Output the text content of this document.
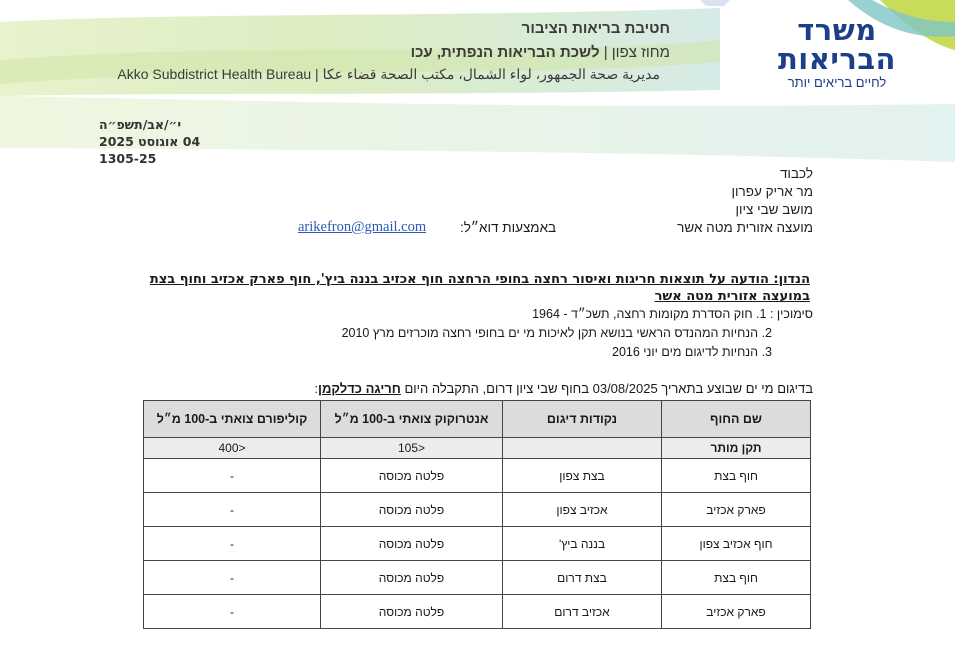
משרד
הבריאות
לחיים בריאים יותר
חטיבת בריאות הציבור
מחוז צפון | לשכת הבריאות הנפתית, עכו
مديرية صحة الجمهور، لواء الشمال، مكتب الصحة قضاء عكا | Akko Subdistrict Health Bureau
י״/אב/תשפ״ה
04 אוגוסט 2025
1305-25
לכבוד
מר אריק עפרון
מושב שבי ציון
מועצה אזורית מטה אשר
באמצעות דוא״ל:
arikefron@gmail.com
הנדון: הודעה על תוצאות חריגות ואיסור רחצה בחופי הרחצה חוף אכזיב בננה ביץ', חוף פארק אכזיב וחוף בצת במועצה אזורית מטה אשר
סימוכין : 1. חוק הסדרת מקומות רחצה, תשכ״ד - 1964
2. הנחיות המהנדס הראשי בנושא תקן לאיכות מי ים בחופי רחצה מוכרזים מרץ 2010
3. הנחיות לדיגום מים יוני 2016
בדיגום מי ים שבוצע בתאריך 03/08/2025 בחוף שבי ציון דרום, התקבלה היום חריגה כדלקמן:
שם החוף	נקודות דיגום	אנטרוקוק צואתי ב-100 מ״ל	קוליפורם צואתי ב-100 מ״ל
תקן מותר		<105	<400
חוף בצת	בצת צפון	פלטה מכוסה	-
פארק אכזיב	אכזיב צפון	פלטה מכוסה	-
חוף אכזיב צפון	בננה ביץ'	פלטה מכוסה	-
חוף בצת	בצת דרום	פלטה מכוסה	-
פארק אכזיב	אכזיב דרום	פלטה מכוסה	-
